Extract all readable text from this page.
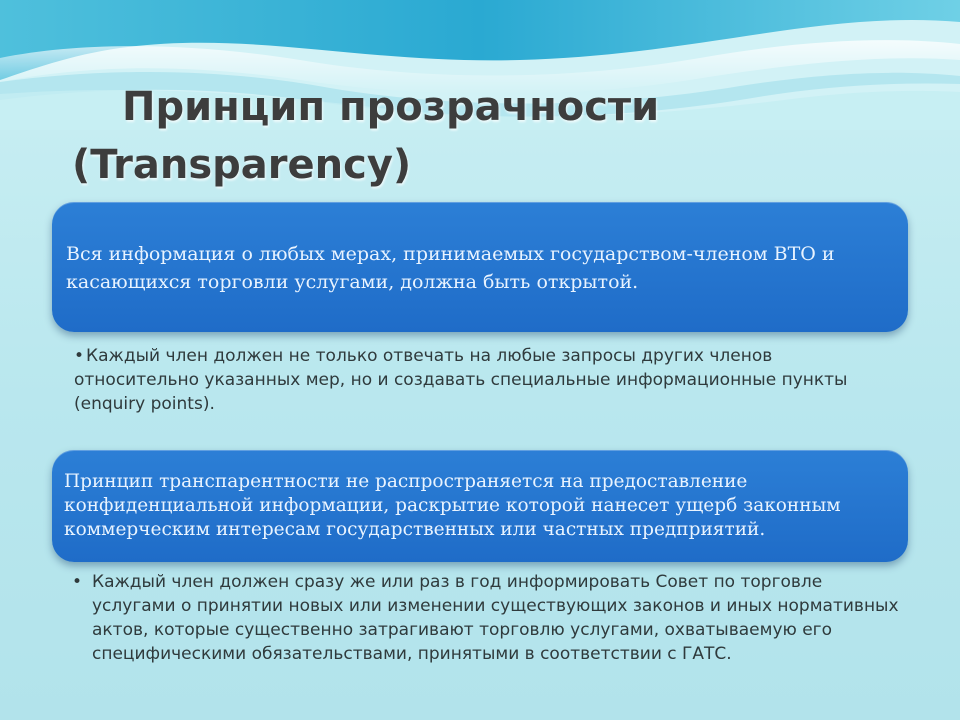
Принцип прозрачности
(Transparency)

Вся информация о любых мерах, принимаемых государством-членом ВТО и касающихся торговли услугами, должна быть открытой.

• Каждый член должен не только отвечать на любые запросы других членов относительно указанных мер, но и создавать специальные информационные пункты (enquiry points).

Принцип транспарентности не распространяется на предоставление конфиденциальной информации, раскрытие которой нанесет ущерб законным коммерческим интересам государственных или частных предприятий.

• Каждый член должен сразу же или раз в год информировать Совет по торговле услугами о принятии новых или изменении существующих законов и иных нормативных актов, которые существенно затрагивают торговлю услугами, охватываемую его специфическими обязательствами, принятыми в соответствии с ГАТС.
